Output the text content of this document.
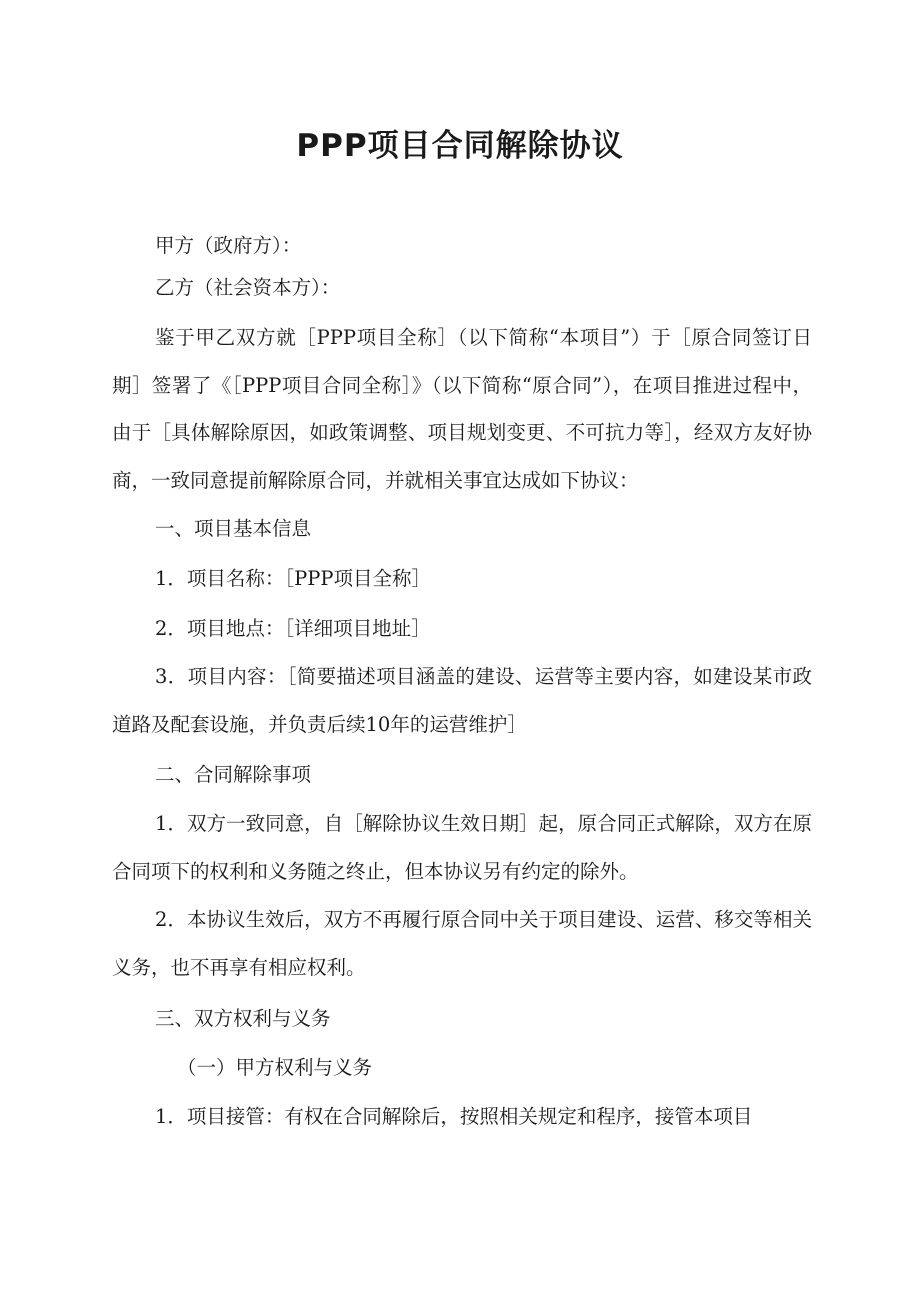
PPP项目合同解除协议

甲方（政府方）：

乙方（社会资本方）：

鉴于甲乙双方就［PPP项目全称］（以下简称“本项目”）于［原合同签订日期］签署了《［PPP项目合同全称］》（以下简称“原合同”），在项目推进过程中，由于［具体解除原因，如政策调整、项目规划变更、不可抗力等］，经双方友好协商，一致同意提前解除原合同，并就相关事宜达成如下协议：

一、项目基本信息

1．项目名称：［PPP项目全称］

2．项目地点：［详细项目地址］

3．项目内容：［简要描述项目涵盖的建设、运营等主要内容，如建设某市政道路及配套设施，并负责后续10年的运营维护］

二、合同解除事项

1．双方一致同意，自［解除协议生效日期］起，原合同正式解除，双方在原合同项下的权利和义务随之终止，但本协议另有约定的除外。

2．本协议生效后，双方不再履行原合同中关于项目建设、运营、移交等相关义务，也不再享有相应权利。

三、双方权利与义务

（一）甲方权利与义务

1．项目接管：有权在合同解除后，按照相关规定和程序，接管本项目
